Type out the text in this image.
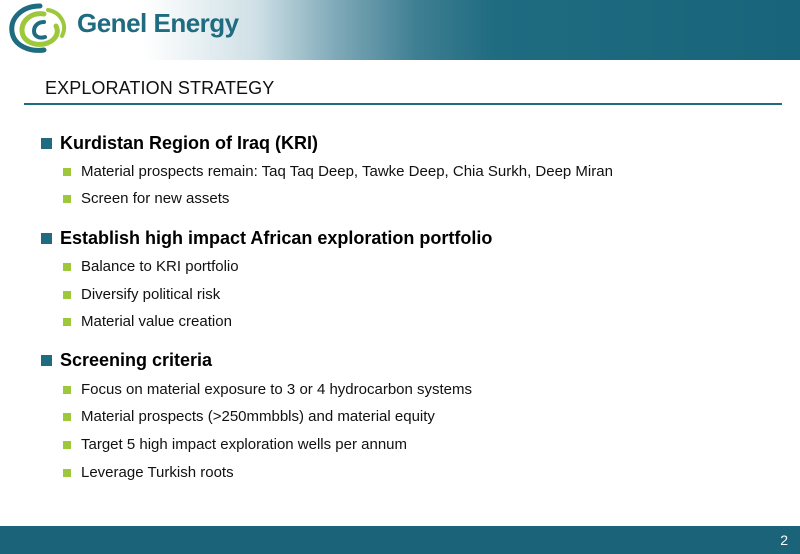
Genel Energy
EXPLORATION STRATEGY
Kurdistan Region of Iraq (KRI)
Material prospects remain: Taq Taq Deep, Tawke Deep, Chia Surkh, Deep Miran
Screen for new assets
Establish high impact African exploration portfolio
Balance to KRI portfolio
Diversify political risk
Material value creation
Screening criteria
Focus on material exposure to 3 or 4 hydrocarbon systems
Material prospects (>250mmbbls) and material equity
Target 5 high impact exploration wells per annum
Leverage Turkish roots
2
